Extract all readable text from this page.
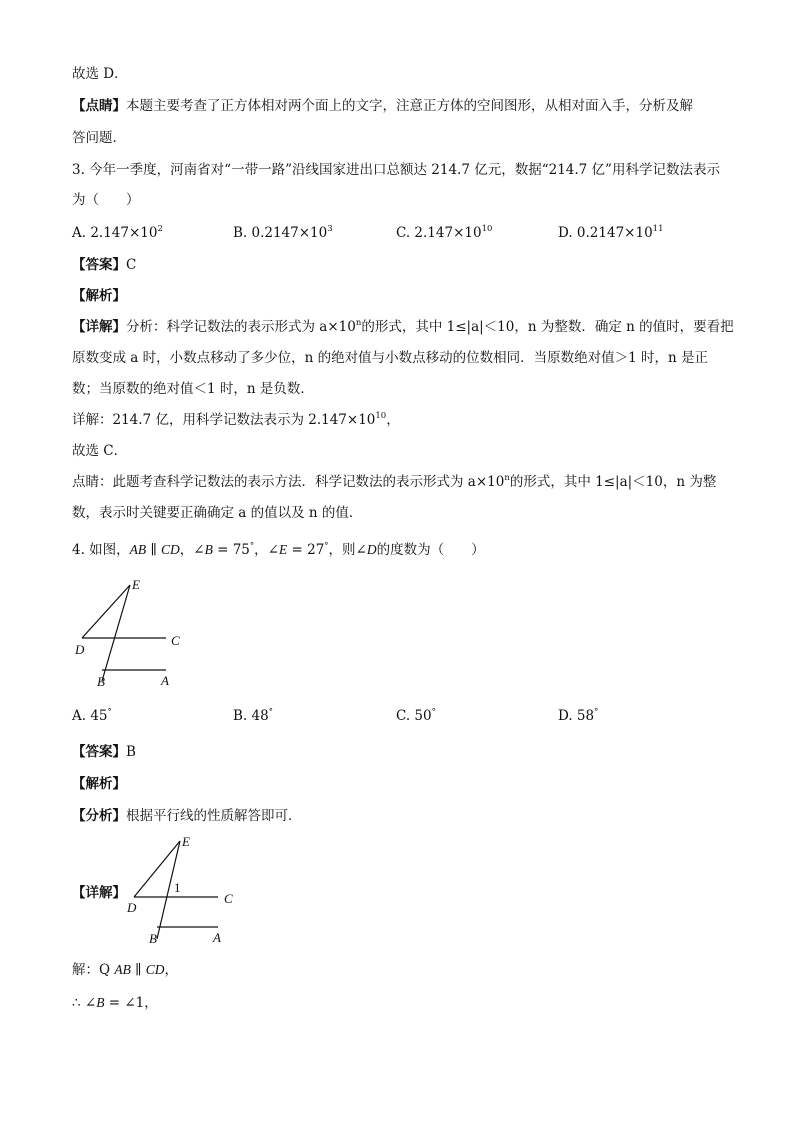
故选 D．
【点睛】本题主要考查了正方体相对两个面上的文字，注意正方体的空间图形，从相对面入手，分析及解
答问题．
3. 今年一季度，河南省对“一带一路”沿线国家进出口总额达 214.7 亿元，数据“214.7 亿”用科学记数法表示
为（　　）
A. $2.147\times 10^2$	B. $0.2147\times 10^3$	C. $2.147\times 10^{10}$	D. $0.2147\times 10^{11}$
【答案】C
【解析】
【详解】分析：科学记数法的表示形式为 $a\times 10^n$的形式，其中 1≤|a|＜10，n 为整数．确定 n 的值时，要看把
原数变成 a 时，小数点移动了多少位，n 的绝对值与小数点移动的位数相同．当原数绝对值＞1 时，n 是正
数；当原数的绝对值＜1 时，n 是负数．
详解：214.7 亿，用科学记数法表示为 $2.147\times 10^{10}$，
故选 C．
点睛：此题考查科学记数法的表示方法．科学记数法的表示形式为 $a\times 10^n$的形式，其中 1≤|a|＜10，n 为整
数，表示时关键要正确确定 a 的值以及 n 的值．
4. 如图，AB ∥ CD，∠B = 75°，∠E = 27°，则∠D的度数为（　　）
E
C
D
B	A
A. 45°	B. 48°	C. 50°	D. 58°
【答案】B
【解析】
【分析】根据平行线的性质解答即可．
【详解】
E
1
C
D
B	A
解：Q AB ∥ CD，
∴ ∠B = ∠1，
